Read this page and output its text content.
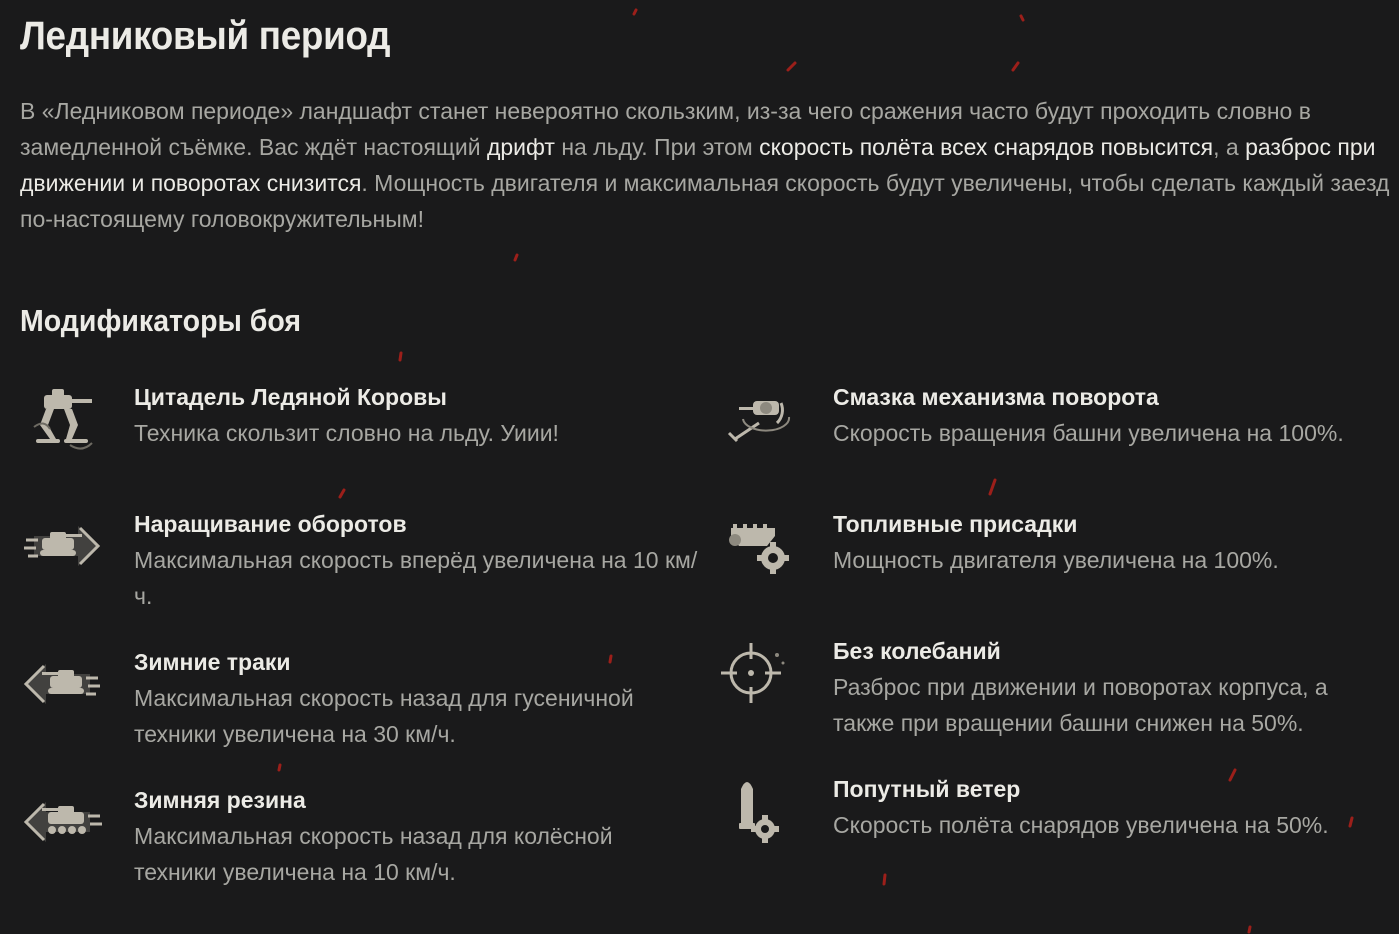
Ледниковый период
В «Ледниковом периоде» ландшафт станет невероятно скользким, из-за чего сражения часто будут проходить словно в замедленной съёмке. Вас ждёт настоящий дрифт на льду. При этом скорость полёта всех снарядов повысится, а разброс при движении и поворотах снизится. Мощность двигателя и максимальная скорость будут увеличены, чтобы сделать каждый заезд по-настоящему головокружительным!
Модификаторы боя
Цитадель Ледяной Коровы
Техника скользит словно на льду. Уиии!
Наращивание оборотов
Максимальная скорость вперёд увеличена на 10 км/ч.
Зимние траки
Максимальная скорость назад для гусеничной техники увеличена на 30 км/ч.
Зимняя резина
Максимальная скорость назад для колёсной техники увеличена на 10 км/ч.
Смазка механизма поворота
Скорость вращения башни увеличена на 100%.
Топливные присадки
Мощность двигателя увеличена на 100%.
Без колебаний
Разброс при движении и поворотах корпуса, а также при вращении башни снижен на 50%.
Попутный ветер
Скорость полёта снарядов увеличена на 50%.
